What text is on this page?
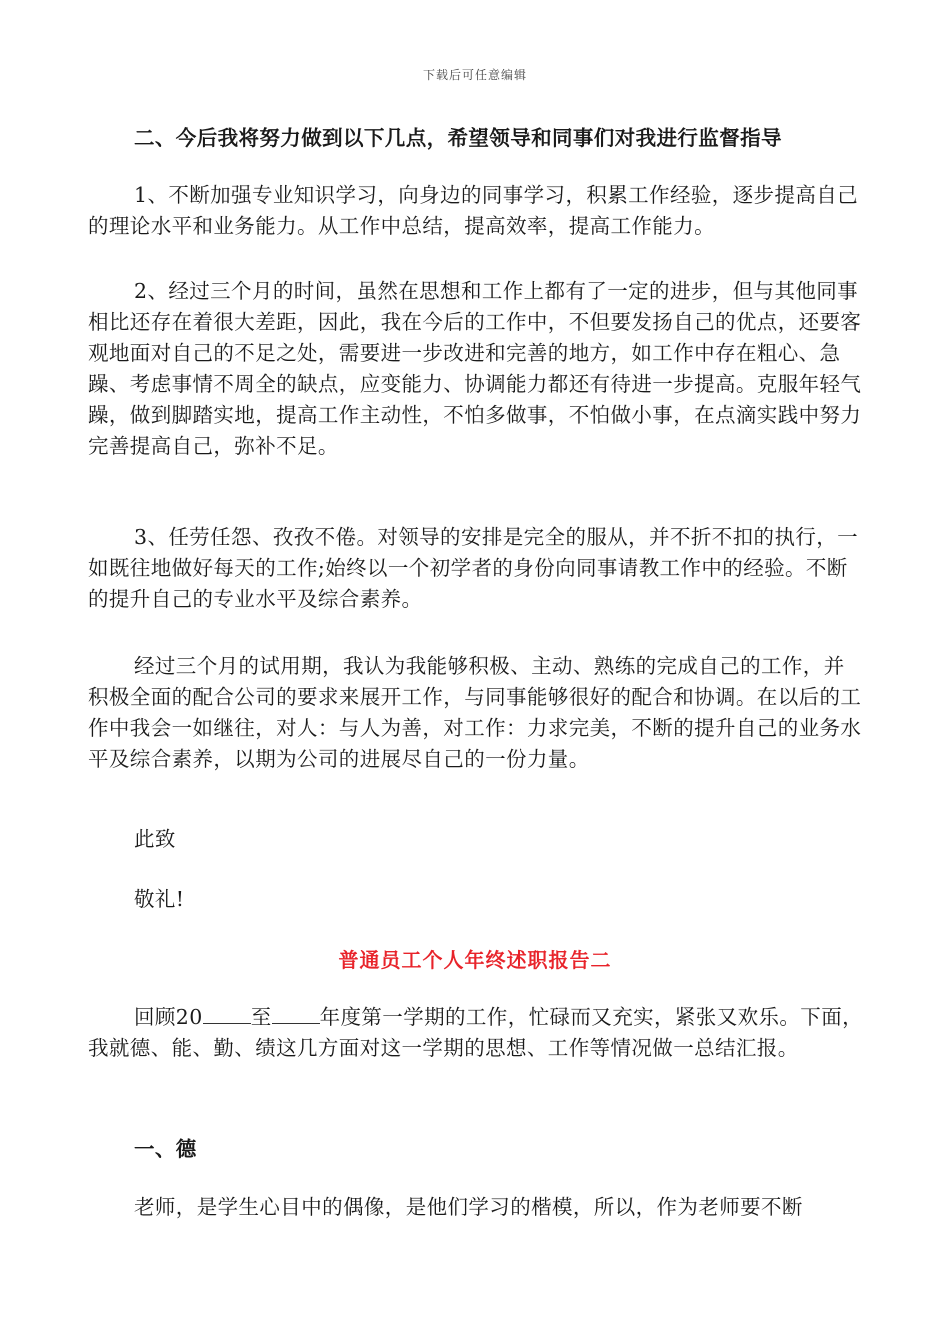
下载后可任意编辑
二、今后我将努力做到以下几点，希望领导和同事们对我进行监督指导
1、不断加强专业知识学习，向身边的同事学习，积累工作经验，逐步提高自己的理论水平和业务能力。从工作中总结，提高效率，提高工作能力。
2、经过三个月的时间，虽然在思想和工作上都有了一定的进步，但与其他同事相比还存在着很大差距，因此，我在今后的工作中，不但要发扬自己的优点，还要客观地面对自己的不足之处，需要进一步改进和完善的地方，如工作中存在粗心、急躁、考虑事情不周全的缺点，应变能力、协调能力都还有待进一步提高。克服年轻气躁，做到脚踏实地，提高工作主动性，不怕多做事，不怕做小事，在点滴实践中努力完善提高自己，弥补不足。
3、任劳任怨、孜孜不倦。对领导的安排是完全的服从，并不折不扣的执行，一如既往地做好每天的工作;始终以一个初学者的身份向同事请教工作中的经验。不断的提升自己的专业水平及综合素养。
经过三个月的试用期，我认为我能够积极、主动、熟练的完成自己的工作，并积极全面的配合公司的要求来展开工作，与同事能够很好的配合和协调。在以后的工作中我会一如继往，对人：与人为善，对工作：力求完美，不断的提升自己的业务水平及综合素养，以期为公司的进展尽自己的一份力量。
此致
敬礼!
普通员工个人年终述职报告二
回顾20 至 年度第一学期的工作，忙碌而又充实，紧张又欢乐。下面，我就德、能、勤、绩这几方面对这一学期的思想、工作等情况做一总结汇报。
一、德
老师，是学生心目中的偶像，是他们学习的楷模，所以，作为老师要不断
